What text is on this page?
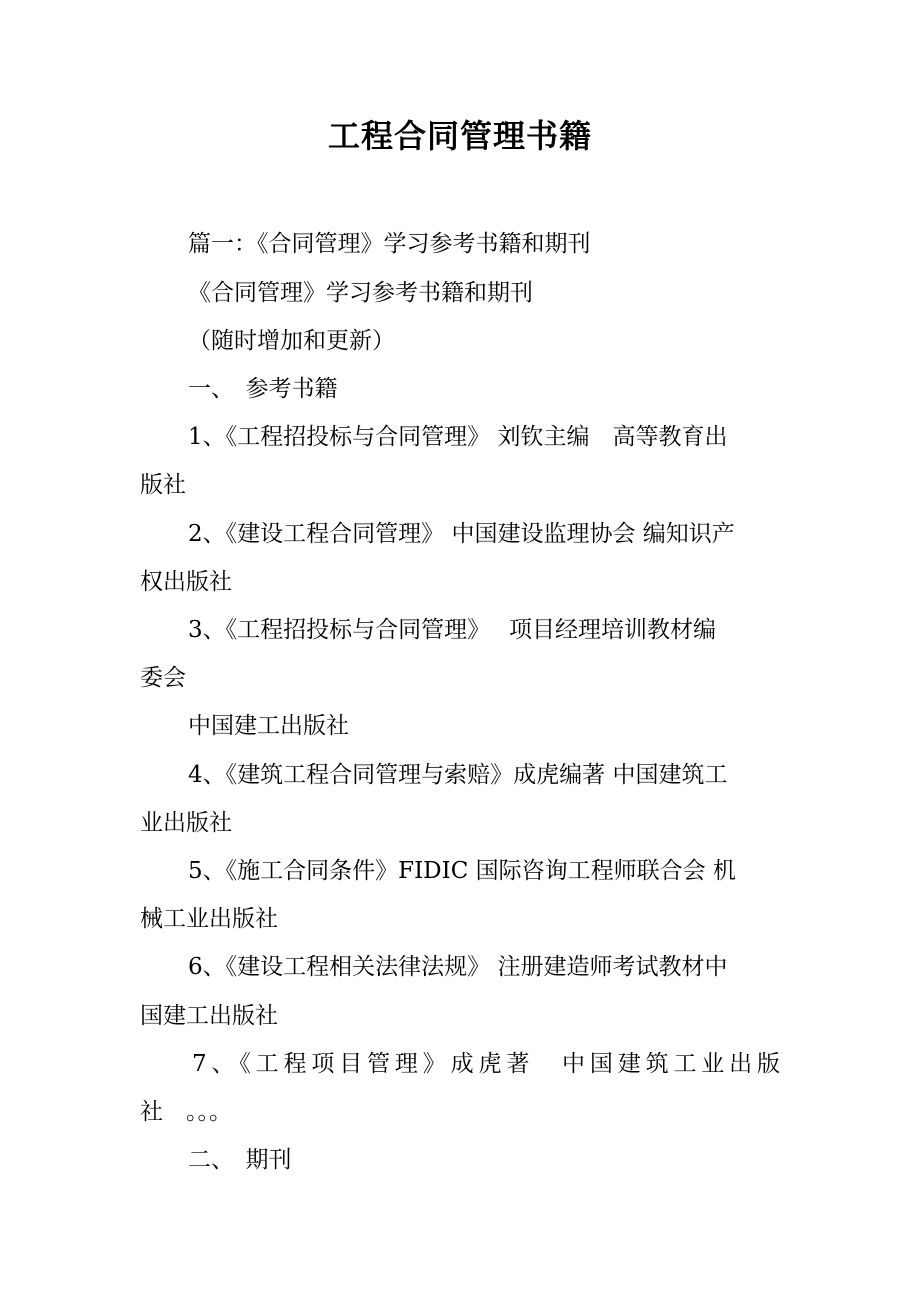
工程合同管理书籍
篇一：《合同管理》学习参考书籍和期刊
《合同管理》学习参考书籍和期刊
（随时增加和更新）
一、　参考书籍
1、《工程招投标与合同管理》 刘钦主编　高等教育出
版社
2、《建设工程合同管理》 中国建设监理协会 编知识产
权出版社
3、《工程招投标与合同管理》　 项目经理培训教材编
委会
中国建工出版社
4、《建筑工程合同管理与索赔》成虎编著 中国建筑工
业出版社
5、《施工合同条件》FIDIC 国际咨询工程师联合会 机
械工业出版社
6、《建设工程相关法律法规》 注册建造师考试教材中
国建工出版社
7、《工程项目管理》成虎著　中国建筑工业出版
社　。。。
二、　期刊
